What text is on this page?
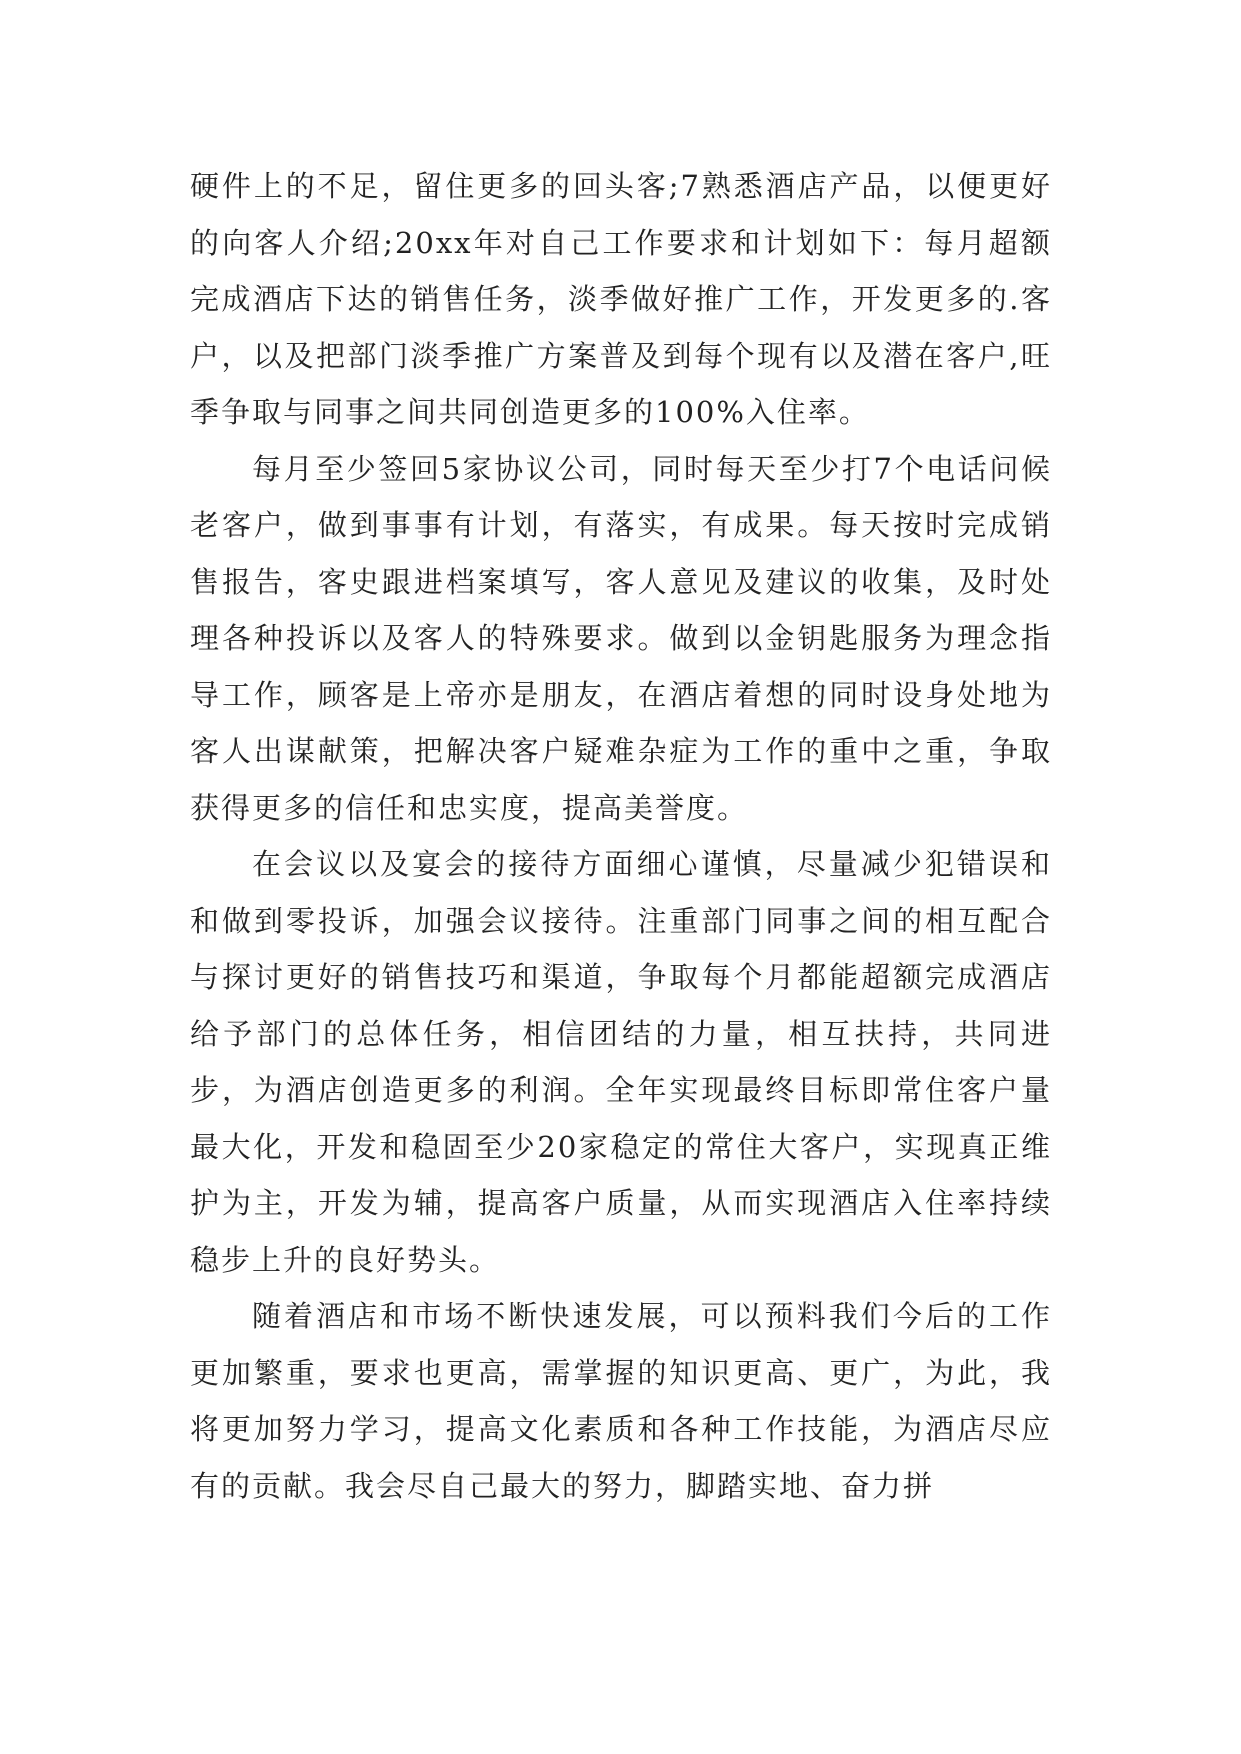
硬件上的不足，留住更多的回头客;7熟悉酒店产品，以便更好的向客人介绍;20xx年对自己工作要求和计划如下：每月超额完成酒店下达的销售任务，淡季做好推广工作，开发更多的.客户，以及把部门淡季推广方案普及到每个现有以及潜在客户,旺季争取与同事之间共同创造更多的100%入住率。

每月至少签回5家协议公司，同时每天至少打7个电话问候老客户，做到事事有计划，有落实，有成果。每天按时完成销售报告，客史跟进档案填写，客人意见及建议的收集，及时处理各种投诉以及客人的特殊要求。做到以金钥匙服务为理念指导工作，顾客是上帝亦是朋友，在酒店着想的同时设身处地为客人出谋献策，把解决客户疑难杂症为工作的重中之重，争取获得更多的信任和忠实度，提高美誉度。

在会议以及宴会的接待方面细心谨慎，尽量减少犯错误和和做到零投诉，加强会议接待。注重部门同事之间的相互配合与探讨更好的销售技巧和渠道，争取每个月都能超额完成酒店给予部门的总体任务，相信团结的力量，相互扶持，共同进步，为酒店创造更多的利润。全年实现最终目标即常住客户量最大化，开发和稳固至少20家稳定的常住大客户，实现真正维护为主，开发为辅，提高客户质量，从而实现酒店入住率持续稳步上升的良好势头。

随着酒店和市场不断快速发展，可以预料我们今后的工作更加繁重，要求也更高，需掌握的知识更高、更广，为此，我将更加努力学习，提高文化素质和各种工作技能，为酒店尽应有的贡献。我会尽自己最大的努力，脚踏实地、奋力拼
